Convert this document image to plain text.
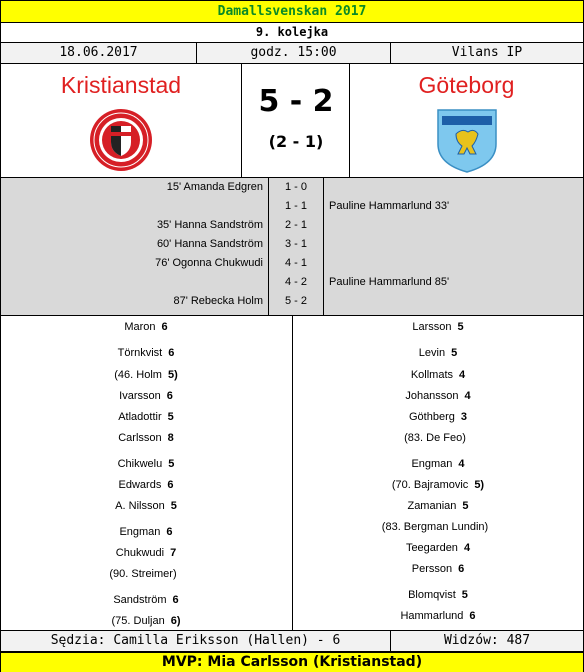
Damallsvenskan 2017
9. kolejka
18.06.2017	godz. 15:00	Vilans IP
Kristianstad	5 - 2
(2 - 1)
Göteborg
15' Amanda Edgren	1 - 0
1 - 1	Pauline Hammarlund 33'
35' Hanna Sandström	2 - 1
60' Hanna Sandström	3 - 1
76' Ogonna Chukwudi	4 - 1
4 - 2	Pauline Hammarlund 85'
87' Rebecka Holm	5 - 2
Maron 6
Törnkvist 6
(46. Holm 5)
Ivarsson 6
Atladottir 5
Carlsson 8
Chikwelu 5
Edwards 6
A. Nilsson 5
Engman 6
Chukwudi 7
(90. Streimer)
Sandström 6
(75. Duljan 6)
Larsson 5
Levin 5
Kollmats 4
Johansson 4
Göthberg 3
(83. De Feo)
Engman 4
(70. Bajramovic 5)
Zamanian 5
(83. Bergman Lundin)
Teegarden 4
Persson 6
Blomqvist 5
Hammarlund 6
Sędzia: Camilla Eriksson (Hallen) - 6	Widzów: 487
MVP: Mia Carlsson (Kristianstad)
